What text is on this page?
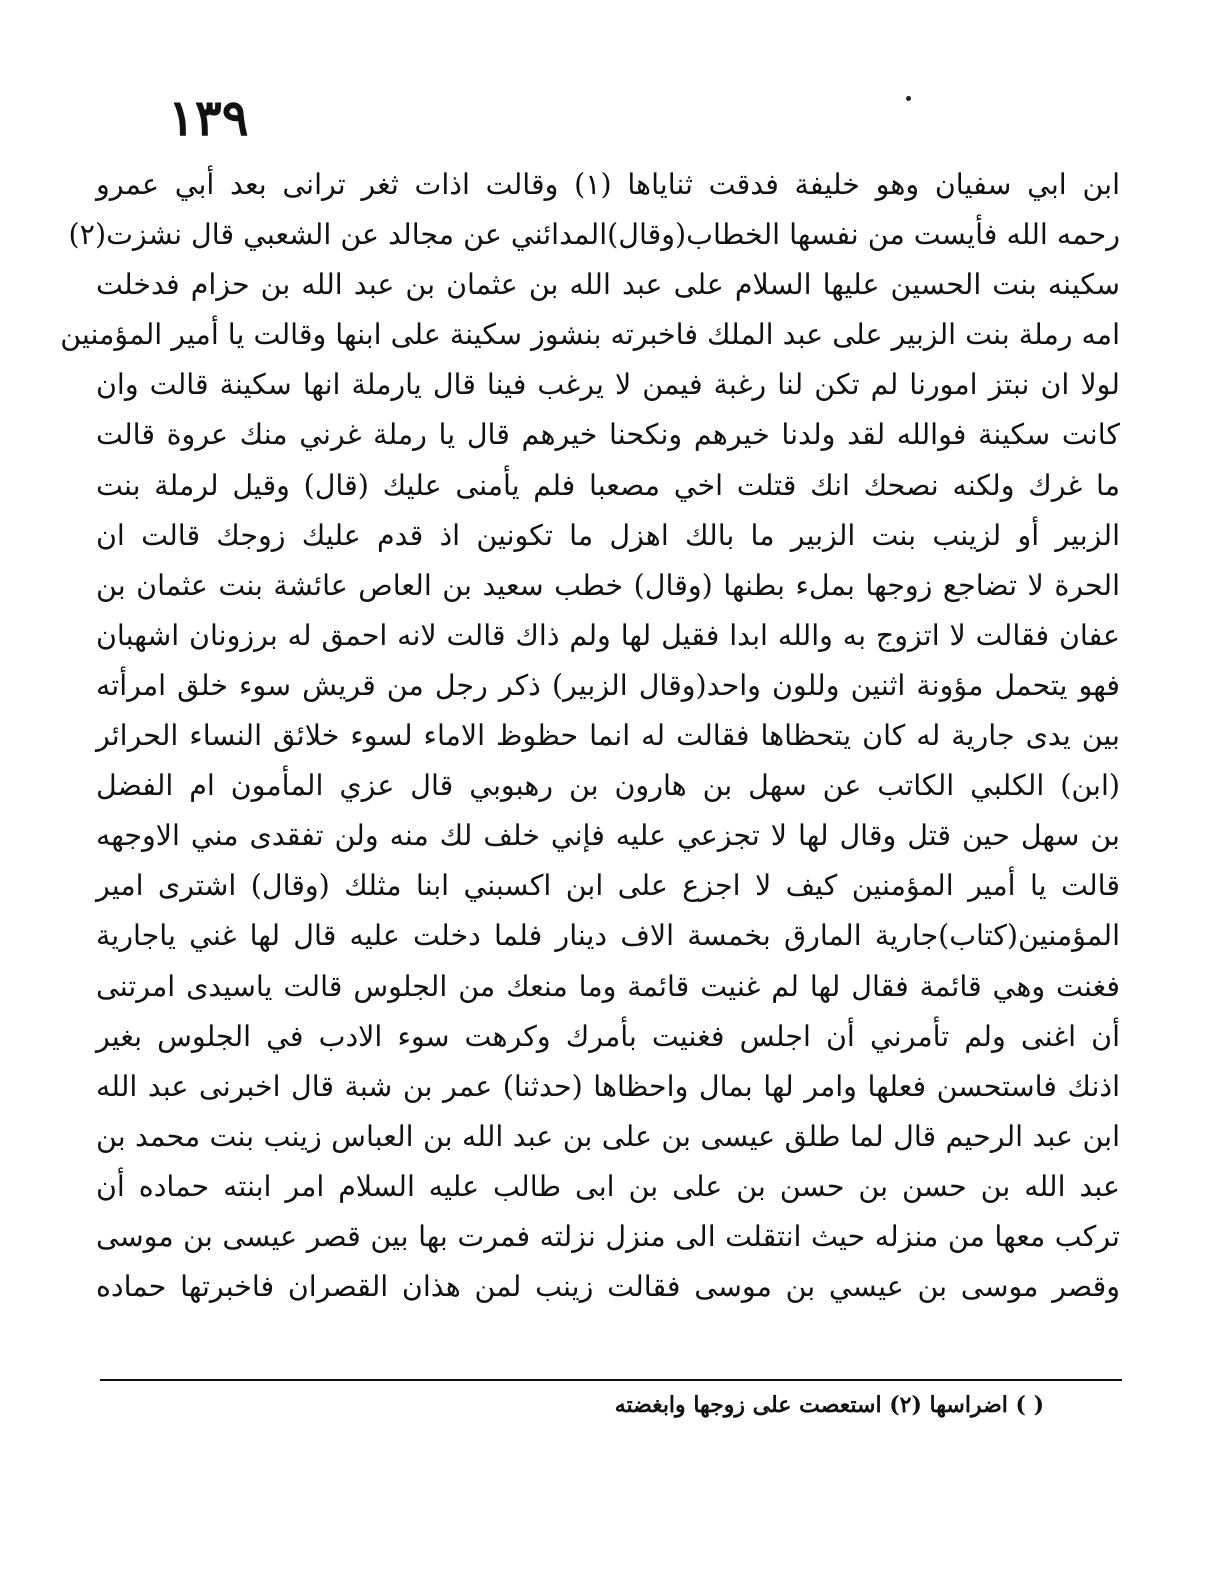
١٣٩
ابن ابي سفيان وهو خليفة فدقت ثناياها (١) وقالت اذات ثغر ترانى بعد أبي عمرو
رحمه الله فأيست من نفسها الخطاب(وقال)المدائني عن مجالد عن الشعبي قال نشزت(٢)
سكينه بنت الحسين عليها السلام على عبد الله بن عثمان بن عبد الله بن حزام فدخلت
امه رملة بنت الزبير على عبد الملك فاخبرته بنشوز سكينة على ابنها وقالت يا أمير المؤمنين
لولا ان نبتز امورنا لم تكن لنا رغبة فيمن لا يرغب فينا قال يارملة انها سكينة قالت وان
كانت سكينة فوالله لقد ولدنا خيرهم ونكحنا خيرهم قال يا رملة غرني منك عروة قالت
ما غرك ولكنه نصحك انك قتلت اخي مصعبا فلم يأمنى عليك (قال) وقيل لرملة بنت
الزبير أو لزينب بنت الزبير ما بالك اهزل ما تكونين اذ قدم عليك زوجك قالت ان
الحرة لا تضاجع زوجها بملء بطنها (وقال) خطب سعيد بن العاص عائشة بنت عثمان بن
عفان فقالت لا اتزوج به والله ابدا فقيل لها ولم ذاك قالت لانه احمق له برزونان اشهبان
فهو يتحمل مؤونة اثنين وللون واحد(وقال الزبير) ذكر رجل من قريش سوء خلق امرأته
بين يدى جارية له كان يتحظاها فقالت له انما حظوظ الاماء لسوء خلائق النساء الحرائر
(ابن) الكلبي الكاتب عن سهل بن هارون بن رهبوبي قال عزي المأمون ام الفضل
بن سهل حين قتل وقال لها لا تجزعي عليه فإني خلف لك منه ولن تفقدى مني الاوجهه
قالت يا أمير المؤمنين كيف لا اجزع على ابن اكسبني ابنا مثلك (وقال) اشترى امير
المؤمنين(كتاب)جارية المارق بخمسة الاف دينار فلما دخلت عليه قال لها غني ياجارية
فغنت وهي قائمة فقال لها لم غنيت قائمة وما منعك من الجلوس قالت ياسيدى امرتنى
أن اغنى ولم تأمرني أن اجلس فغنيت بأمرك وكرهت سوء الادب في الجلوس بغير
اذنك فاستحسن فعلها وامر لها بمال واحظاها (حدثنا) عمر بن شبة قال اخبرنى عبد الله
ابن عبد الرحيم قال لما طلق عيسى بن على بن عبد الله بن العباس زينب بنت محمد بن
عبد الله بن حسن بن حسن بن على بن ابى طالب عليه السلام امر ابنته حماده أن
تركب معها من منزله حيث انتقلت الى منزل نزلته فمرت بها بين قصر عيسى بن موسى
وقصر موسى بن عيسي بن موسى فقالت زينب لمن هذان القصران فاخبرتها حماده
( ) اضراسها (٢) استعصت على زوجها وابغضته
